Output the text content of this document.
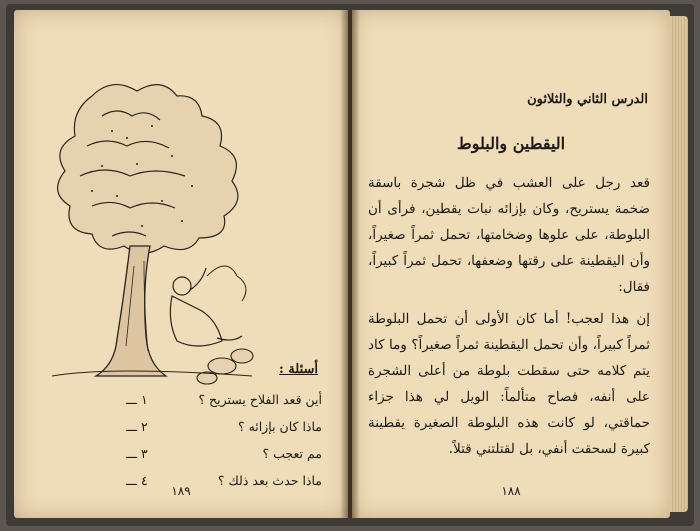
أسئلة :
أين قعد الفلاح يستريح ؟
١ ـــ
ماذا كان بإزائه ؟
٢ ـــ
مم تعجب ؟
٣ ـــ
ماذا حدث بعد ذلك ؟
٤ ـــ
١٨٩
الدرس الثاني والثلاثون
اليقطين والبلوط

قعد رجل على العشب في ظل شجرة باسقة ضخمة يستريح، وكان بإزائه نبات يقطين، فرأى أن البلوطة، على علوها وضخامتها، تحمل ثمراً صغيراً، وأن اليقطينة على رقتها وضعفها، تحمل ثمراً كبيراً، فقال:

إن هذا لعجب! أما كان الأولى أن تحمل البلوطة ثمراً كبيراً، وأن تحمل اليقطينة ثمراً صغيراً؟ وما كاد يتم كلامه حتى سقطت بلوطة من أعلى الشجرة على أنفه، فصاح متألماً: الويل لي هذا جزاء حماقتي، لو كانت هذه البلوطة الصغيرة يقطينة كبيرة لسحقت أنفي، بل لقتلتني قتلاً.

١٨٨
